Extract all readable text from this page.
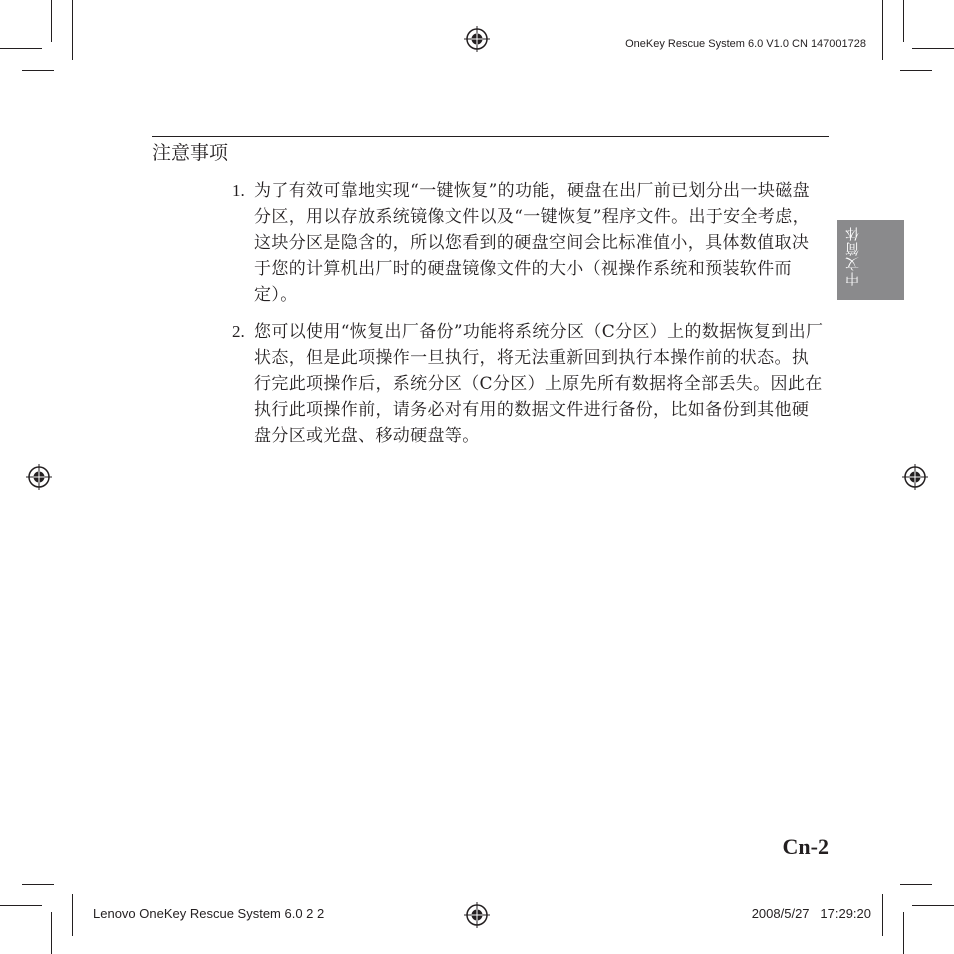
OneKey Rescue System 6.0 V1.0 CN 147001728
注意事项
中文简体
1. 为了有效可靠地实现“一键恢复”的功能，硬盘在出厂前已划分出一块磁盘分区，用以存放系统镜像文件以及“一键恢复”程序文件。出于安全考虑，这块分区是隐含的，所以您看到的硬盘空间会比标准值小，具体数值取决于您的计算机出厂时的硬盘镜像文件的大小（视操作系统和预装软件而定）。
2. 您可以使用“恢复出厂备份”功能将系统分区（C分区）上的数据恢复到出厂状态，但是此项操作一旦执行，将无法重新回到执行本操作前的状态。执行完此项操作后，系统分区（C分区）上原先所有数据将全部丢失。因此在执行此项操作前，请务必对有用的数据文件进行备份，比如备份到其他硬盘分区或光盘、移动硬盘等。
Cn-2
Lenovo OneKey Rescue System 6.0 2 2	2008/5/27 17:29:20
